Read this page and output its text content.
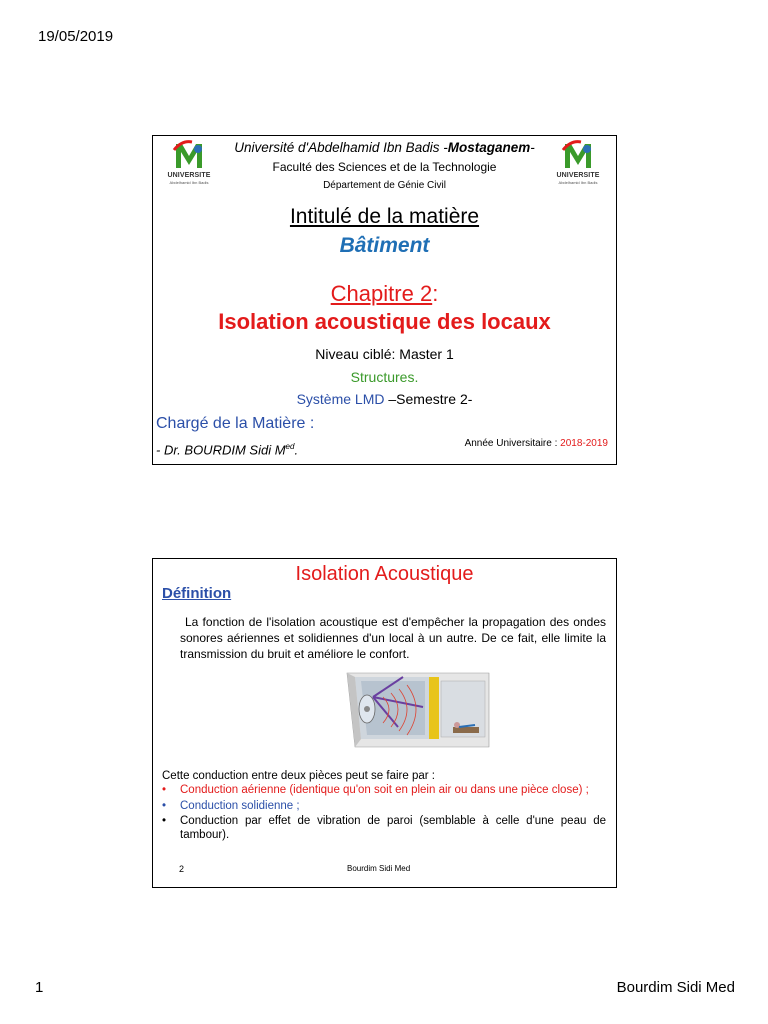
19/05/2019
UNIVERSITE
Abdelhamid Ibn Badis
UNIVERSITE
Abdelhamid Ibn Badis
Université d'Abdelhamid Ibn Badis -Mostaganem-
Faculté des Sciences et de la Technologie
Département de Génie Civil
Intitulé de la matière
Bâtiment
Chapitre 2:
Isolation acoustique des locaux
Niveau ciblé: Master 1
Structures.
Système LMD –Semestre 2-
Chargé de la Matière :
- Dr. BOURDIM Sidi $M^{ed}$.	Année Universitaire : 2018-2019
Isolation Acoustique
Définition
La fonction de l'isolation acoustique est d'empêcher la propagation des ondes sonores aériennes et solidiennes d'un local à un autre. De ce fait, elle limite la transmission du bruit et améliore le confort.
Cette conduction entre deux pièces peut se faire par :
• Conduction aérienne (identique qu'on soit en plein air ou dans une pièce close) ;
• Conduction solidienne ;
• Conduction par effet de vibration de paroi (semblable à celle d'une peau de tambour).
2	Bourdim Sidi Med
1	Bourdim Sidi Med
